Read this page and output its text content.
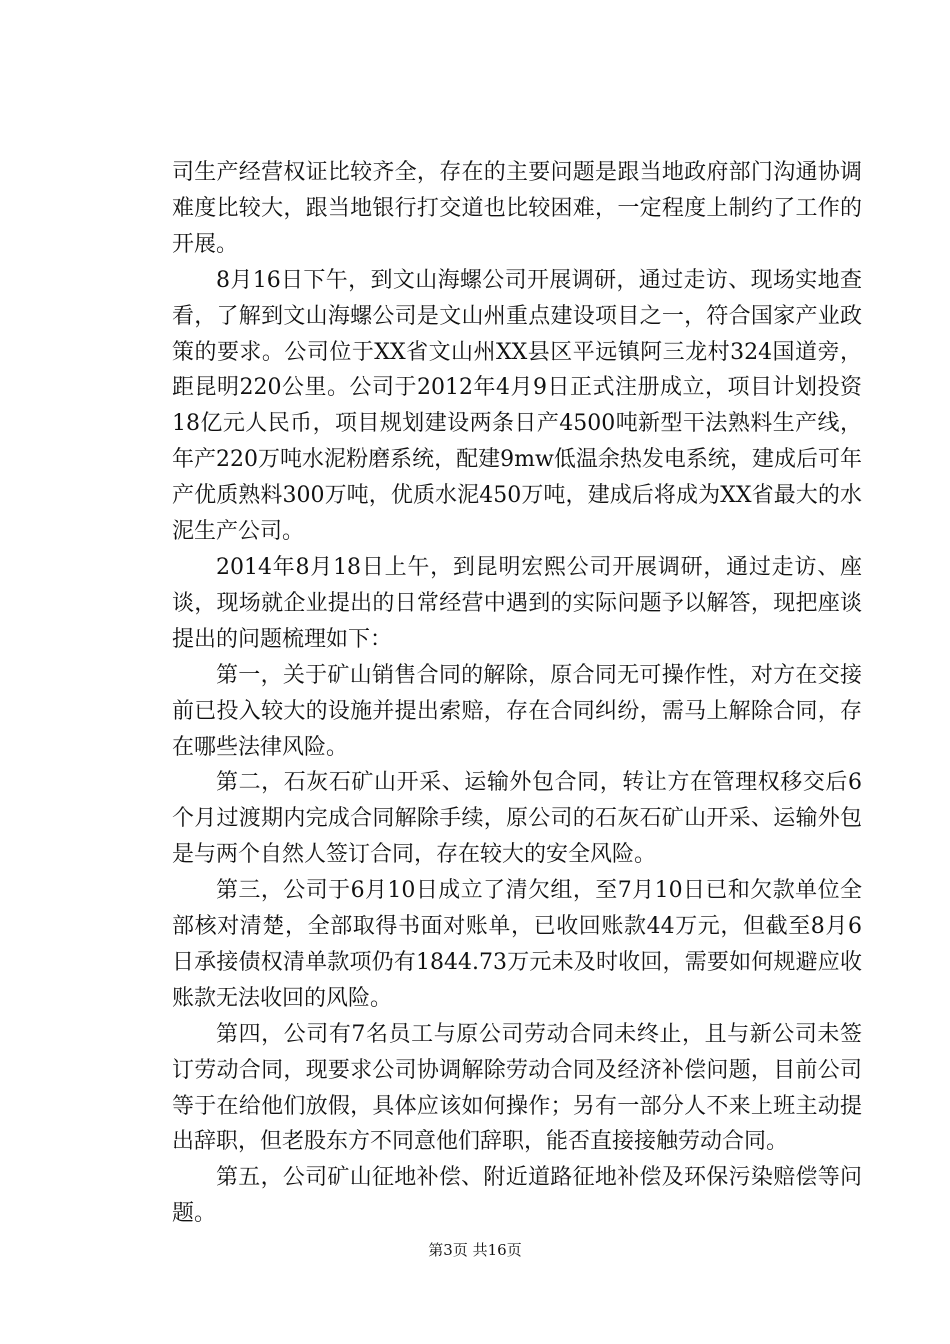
司生产经营权证比较齐全，存在的主要问题是跟当地政府部门沟通协调难度比较大，跟当地银行打交道也比较困难，一定程度上制约了工作的开展。

8月16日下午，到文山海螺公司开展调研，通过走访、现场实地查看，了解到文山海螺公司是文山州重点建设项目之一，符合国家产业政策的要求。公司位于XX省文山州XX县区平远镇阿三龙村324国道旁，距昆明220公里。公司于2012年4月9日正式注册成立，项目计划投资18亿元人民币，项目规划建设两条日产4500吨新型干法熟料生产线，年产220万吨水泥粉磨系统，配建9mw低温余热发电系统，建成后可年产优质熟料300万吨，优质水泥450万吨，建成后将成为XX省最大的水泥生产公司。

2014年8月18日上午，到昆明宏熙公司开展调研，通过走访、座谈，现场就企业提出的日常经营中遇到的实际问题予以解答，现把座谈提出的问题梳理如下：

第一，关于矿山销售合同的解除，原合同无可操作性，对方在交接前已投入较大的设施并提出索赔，存在合同纠纷，需马上解除合同，存在哪些法律风险。

第二，石灰石矿山开采、运输外包合同，转让方在管理权移交后6个月过渡期内完成合同解除手续，原公司的石灰石矿山开采、运输外包是与两个自然人签订合同，存在较大的安全风险。

第三，公司于6月10日成立了清欠组，至7月10日已和欠款单位全部核对清楚，全部取得书面对账单，已收回账款44万元，但截至8月6日承接债权清单款项仍有1844.73万元未及时收回，需要如何规避应收账款无法收回的风险。

第四，公司有7名员工与原公司劳动合同未终止，且与新公司未签订劳动合同，现要求公司协调解除劳动合同及经济补偿问题，目前公司等于在给他们放假，具体应该如何操作；另有一部分人不来上班主动提出辞职，但老股东方不同意他们辞职，能否直接接触劳动合同。

第五，公司矿山征地补偿、附近道路征地补偿及环保污染赔偿等问题。

第3页 共16页
